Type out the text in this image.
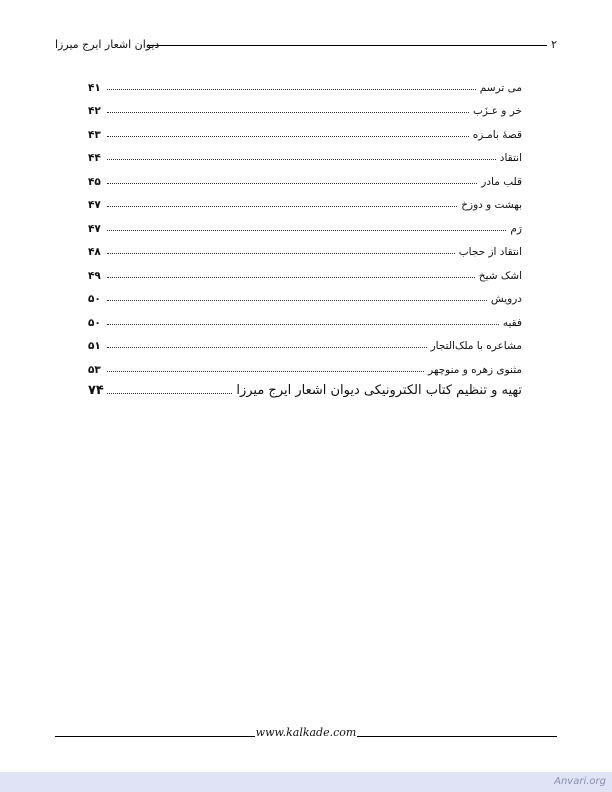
۲
دیوان اشعار ایرج میرزا
می ترسم
۴۱
خر و عـزَب
۴۲
قصهٔ بامـزه
۴۳
انتقاد
۴۴
قلب مادر
۴۵
بهشت و دوزخ
۴۷
رَم
۴۷
انتقاد از حجاب
۴۸
اشک شیخ
۴۹
درویش
۵۰
فقیه
۵۰
مشاعره با ملک‌التجار
۵۱
مثنوی زهره و منوچهر
۵۳
تهیه و تنظیم کتاب الکترونیکی دیوان اشعار ایرج میرزا
۷۴
www.kalkade.com
Anvari.org
